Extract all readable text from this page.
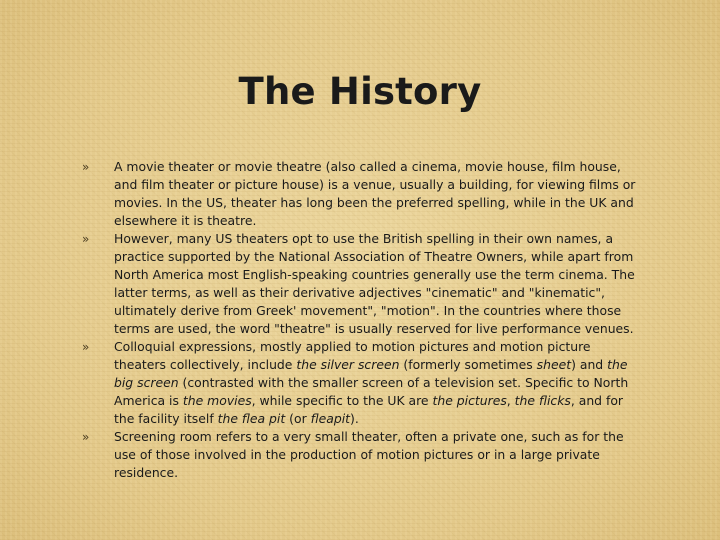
The History
» A movie theater or movie theatre (also called a cinema, movie house, film house, and film theater or picture house) is a venue, usually a building, for viewing films or movies. In the US, theater has long been the preferred spelling, while in the UK and elsewhere it is theatre.
» However, many US theaters opt to use the British spelling in their own names, a practice supported by the National Association of Theatre Owners, while apart from North America most English-speaking countries generally use the term cinema. The latter terms, as well as their derivative adjectives "cinematic" and "kinematic", ultimately derive from Greek' movement", "motion". In the countries where those terms are used, the word "theatre" is usually reserved for live performance venues.
» Colloquial expressions, mostly applied to motion pictures and motion picture theaters collectively, include the silver screen (formerly sometimes sheet) and the big screen (contrasted with the smaller screen of a television set. Specific to North America is the movies, while specific to the UK are the pictures, the flicks, and for the facility itself the flea pit (or fleapit).
» Screening room refers to a very small theater, often a private one, such as for the use of those involved in the production of motion pictures or in a large private residence.
